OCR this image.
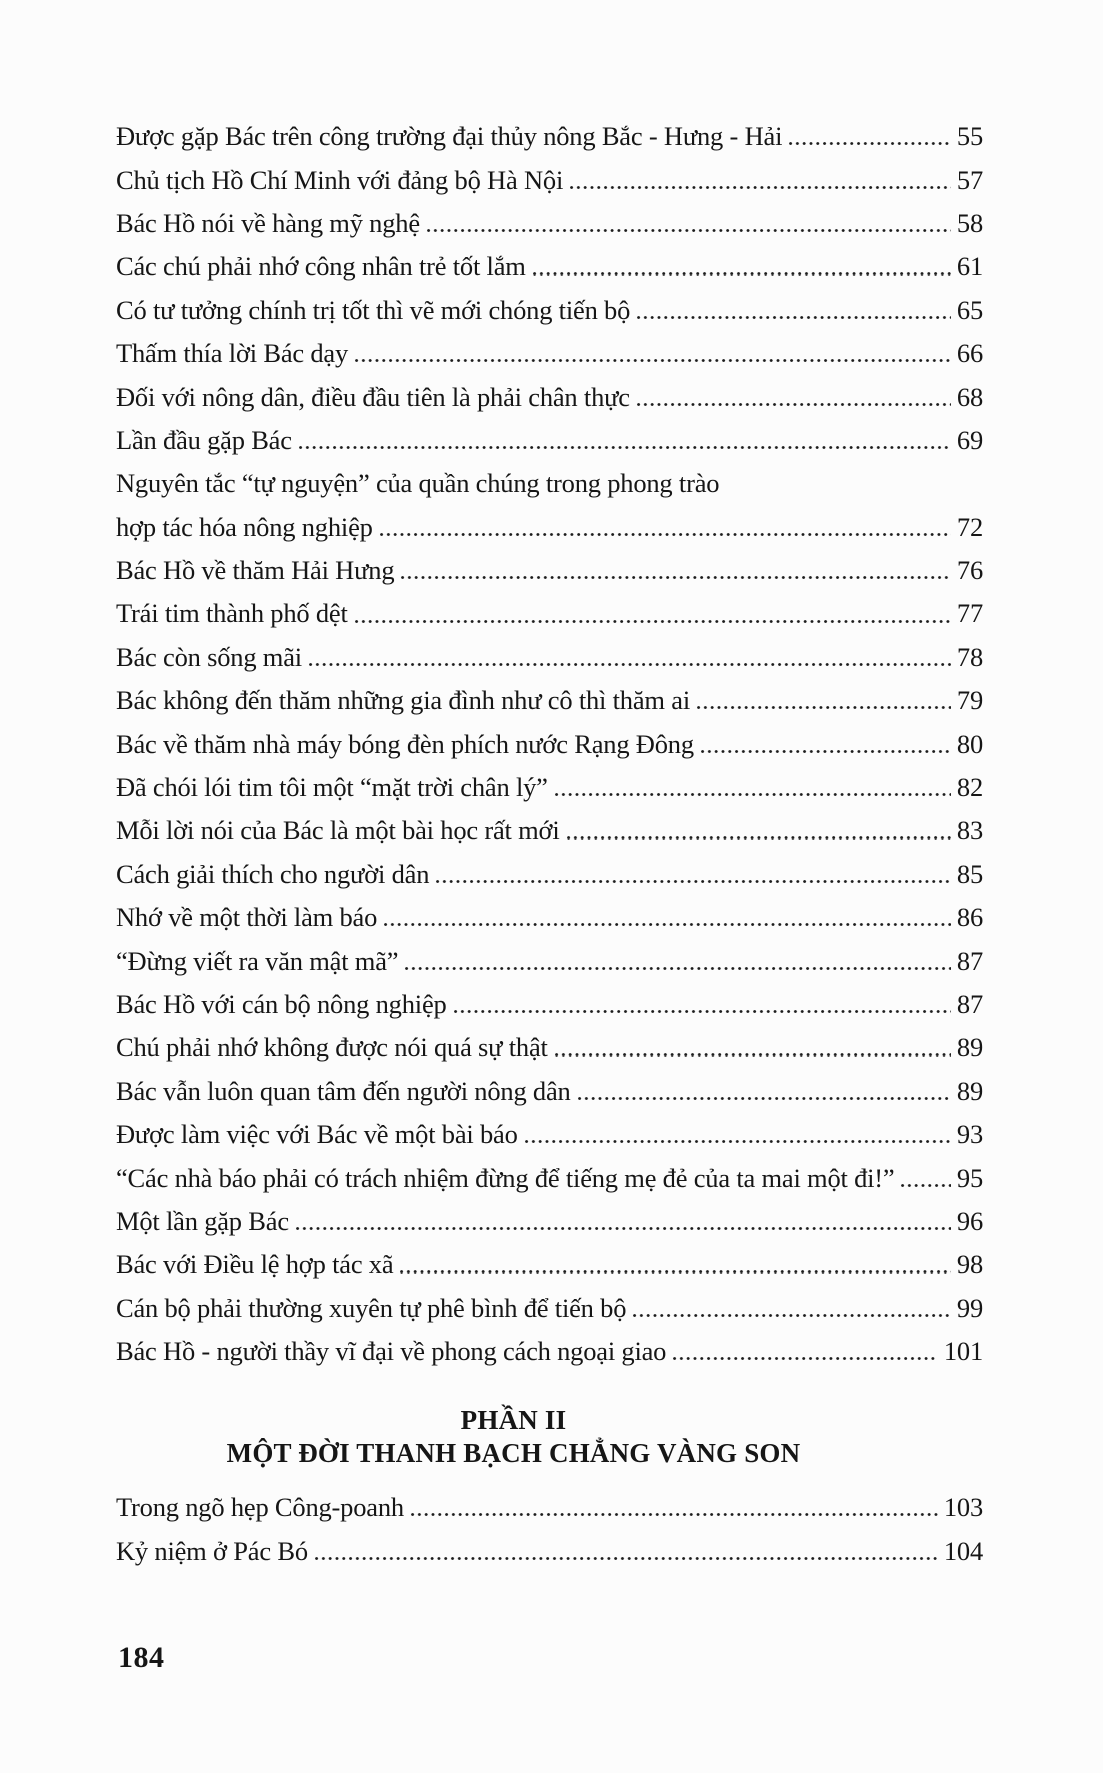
Được gặp Bác trên công trường đại thủy nông Bắc - Hưng - Hải	55
Chủ tịch Hồ Chí Minh với đảng bộ Hà Nội	57
Bác Hồ nói về hàng mỹ nghệ	58
Các chú phải nhớ công nhân trẻ tốt lắm	61
Có tư tưởng chính trị tốt thì vẽ mới chóng tiến bộ	65
Thấm thía lời Bác dạy	66
Đối với nông dân, điều đầu tiên là phải chân thực	68
Lần đầu gặp Bác	69
Nguyên tắc “tự nguyện” của quần chúng trong phong trào
hợp tác hóa nông nghiệp	72
Bác Hồ về thăm Hải Hưng	76
Trái tim thành phố dệt	77
Bác còn sống mãi	78
Bác không đến thăm những gia đình như cô thì thăm ai	79
Bác về thăm nhà máy bóng đèn phích nước Rạng Đông	80
Đã chói lói tim tôi một “mặt trời chân lý”	82
Mỗi lời nói của Bác là một bài học rất mới	83
Cách giải thích cho người dân	85
Nhớ về một thời làm báo	86
“Đừng viết ra văn mật mã”	87
Bác Hồ với cán bộ nông nghiệp	87
Chú phải nhớ không được nói quá sự thật	89
Bác vẫn luôn quan tâm đến người nông dân	89
Được làm việc với Bác về một bài báo	93
“Các nhà báo phải có trách nhiệm đừng để tiếng mẹ đẻ của ta mai một đi!” 95
Một lần gặp Bác	96
Bác với Điều lệ hợp tác xã	98
Cán bộ phải thường xuyên tự phê bình để tiến bộ	99
Bác Hồ - người thầy vĩ đại về phong cách ngoại giao	101
PHẦN II
MỘT ĐỜI THANH BẠCH CHẲNG VÀNG SON
Trong ngõ hẹp Công-poanh	103
Kỷ niệm ở Pác Bó	104
184
